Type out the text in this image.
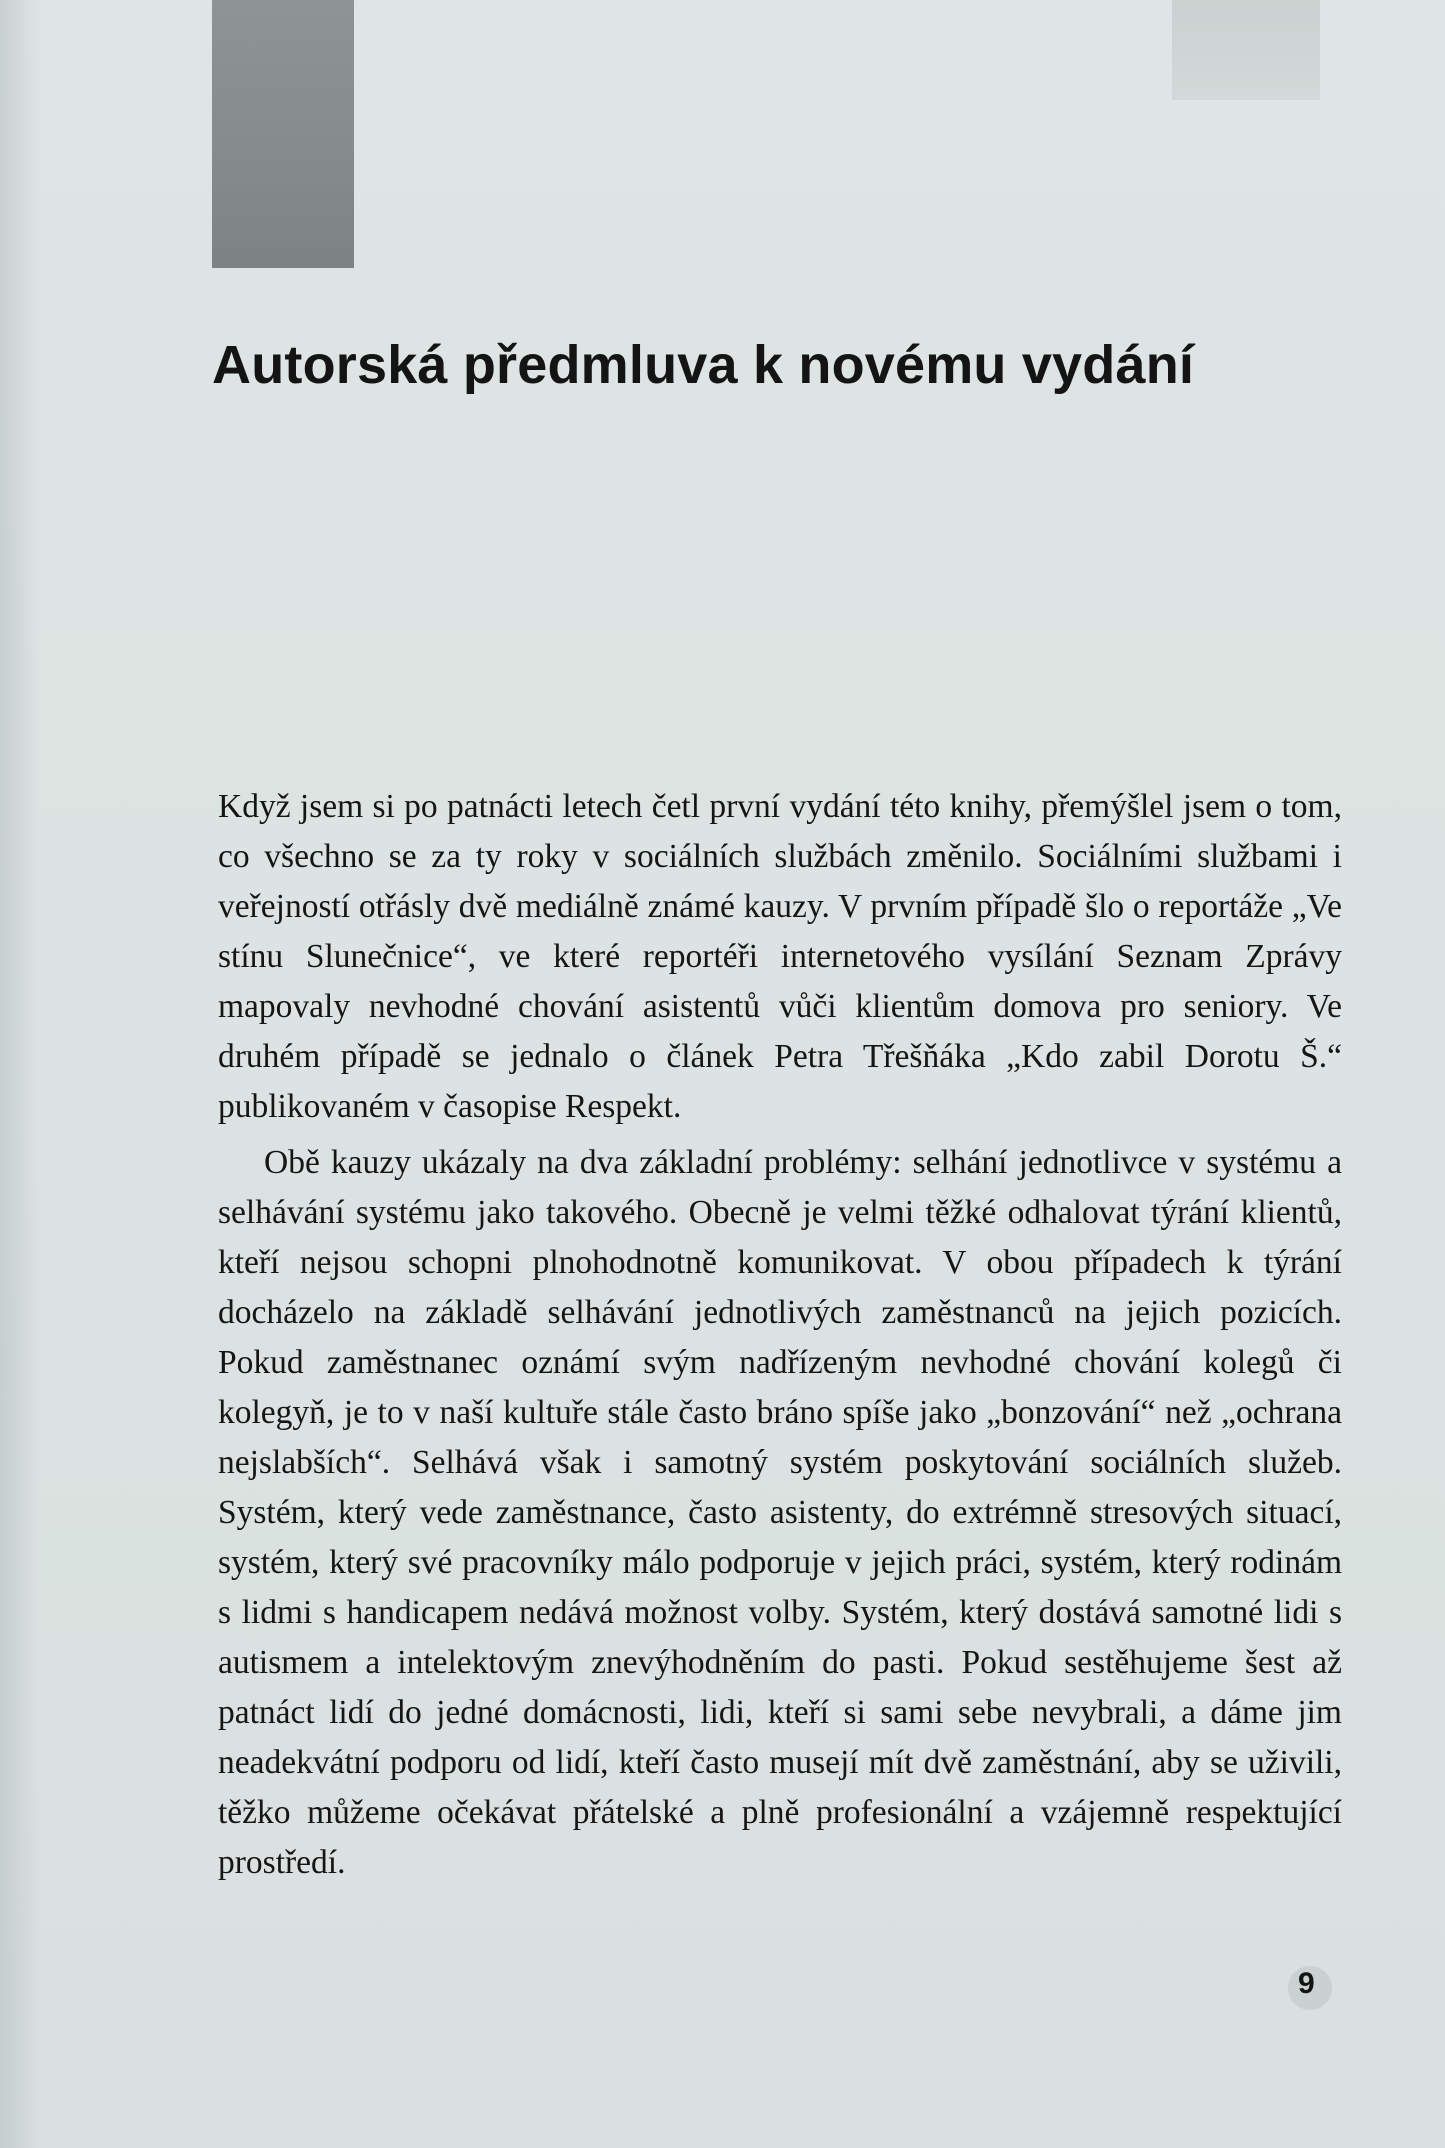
Autorská předmluva k novému vydání

Když jsem si po patnácti letech četl první vydání této knihy, přemýšlel jsem o tom, co všechno se za ty roky v sociálních službách změnilo. Sociálními službami i veřejností otřásly dvě mediálně známé kauzy. V prvním případě šlo o reportáže „Ve stínu Slunečnice“, ve které reportéři internetového vysílání Seznam Zprávy mapovaly nevhodné chování asistentů vůči klientům domova pro seniory. Ve druhém případě se jednalo o článek Petra Třešňáka „Kdo zabil Dorotu Š.“ publikovaném v časopise Respekt.

Obě kauzy ukázaly na dva základní problémy: selhání jednotlivce v systému a selhávání systému jako takového. Obecně je velmi těžké odhalovat týrání klientů, kteří nejsou schopni plnohodnotně komunikovat. V obou případech k týrání docházelo na základě selhávání jednotlivých zaměstnanců na jejich pozicích. Pokud zaměstnanec oznámí svým nadřízeným nevhodné chování kolegů či kolegyň, je to v naší kultuře stále často bráno spíše jako „bonzování“ než „ochrana nejslabších“. Selhává však i samotný systém poskytování sociálních služeb. Systém, který vede zaměstnance, často asistenty, do extrémně stresových situací, systém, který své pracovníky málo podporuje v jejich práci, systém, který rodinám s lidmi s handicapem nedává možnost volby. Systém, který dostává samotné lidi s autismem a intelektovým znevýhodněním do pasti. Pokud sestěhujeme šest až patnáct lidí do jedné domácnosti, lidi, kteří si sami sebe nevybrali, a dáme jim neadekvátní podporu od lidí, kteří často musejí mít dvě zaměstnání, aby se uživili, těžko můžeme očekávat přátelské a plně profesionální a vzájemně respektující prostředí.

9
